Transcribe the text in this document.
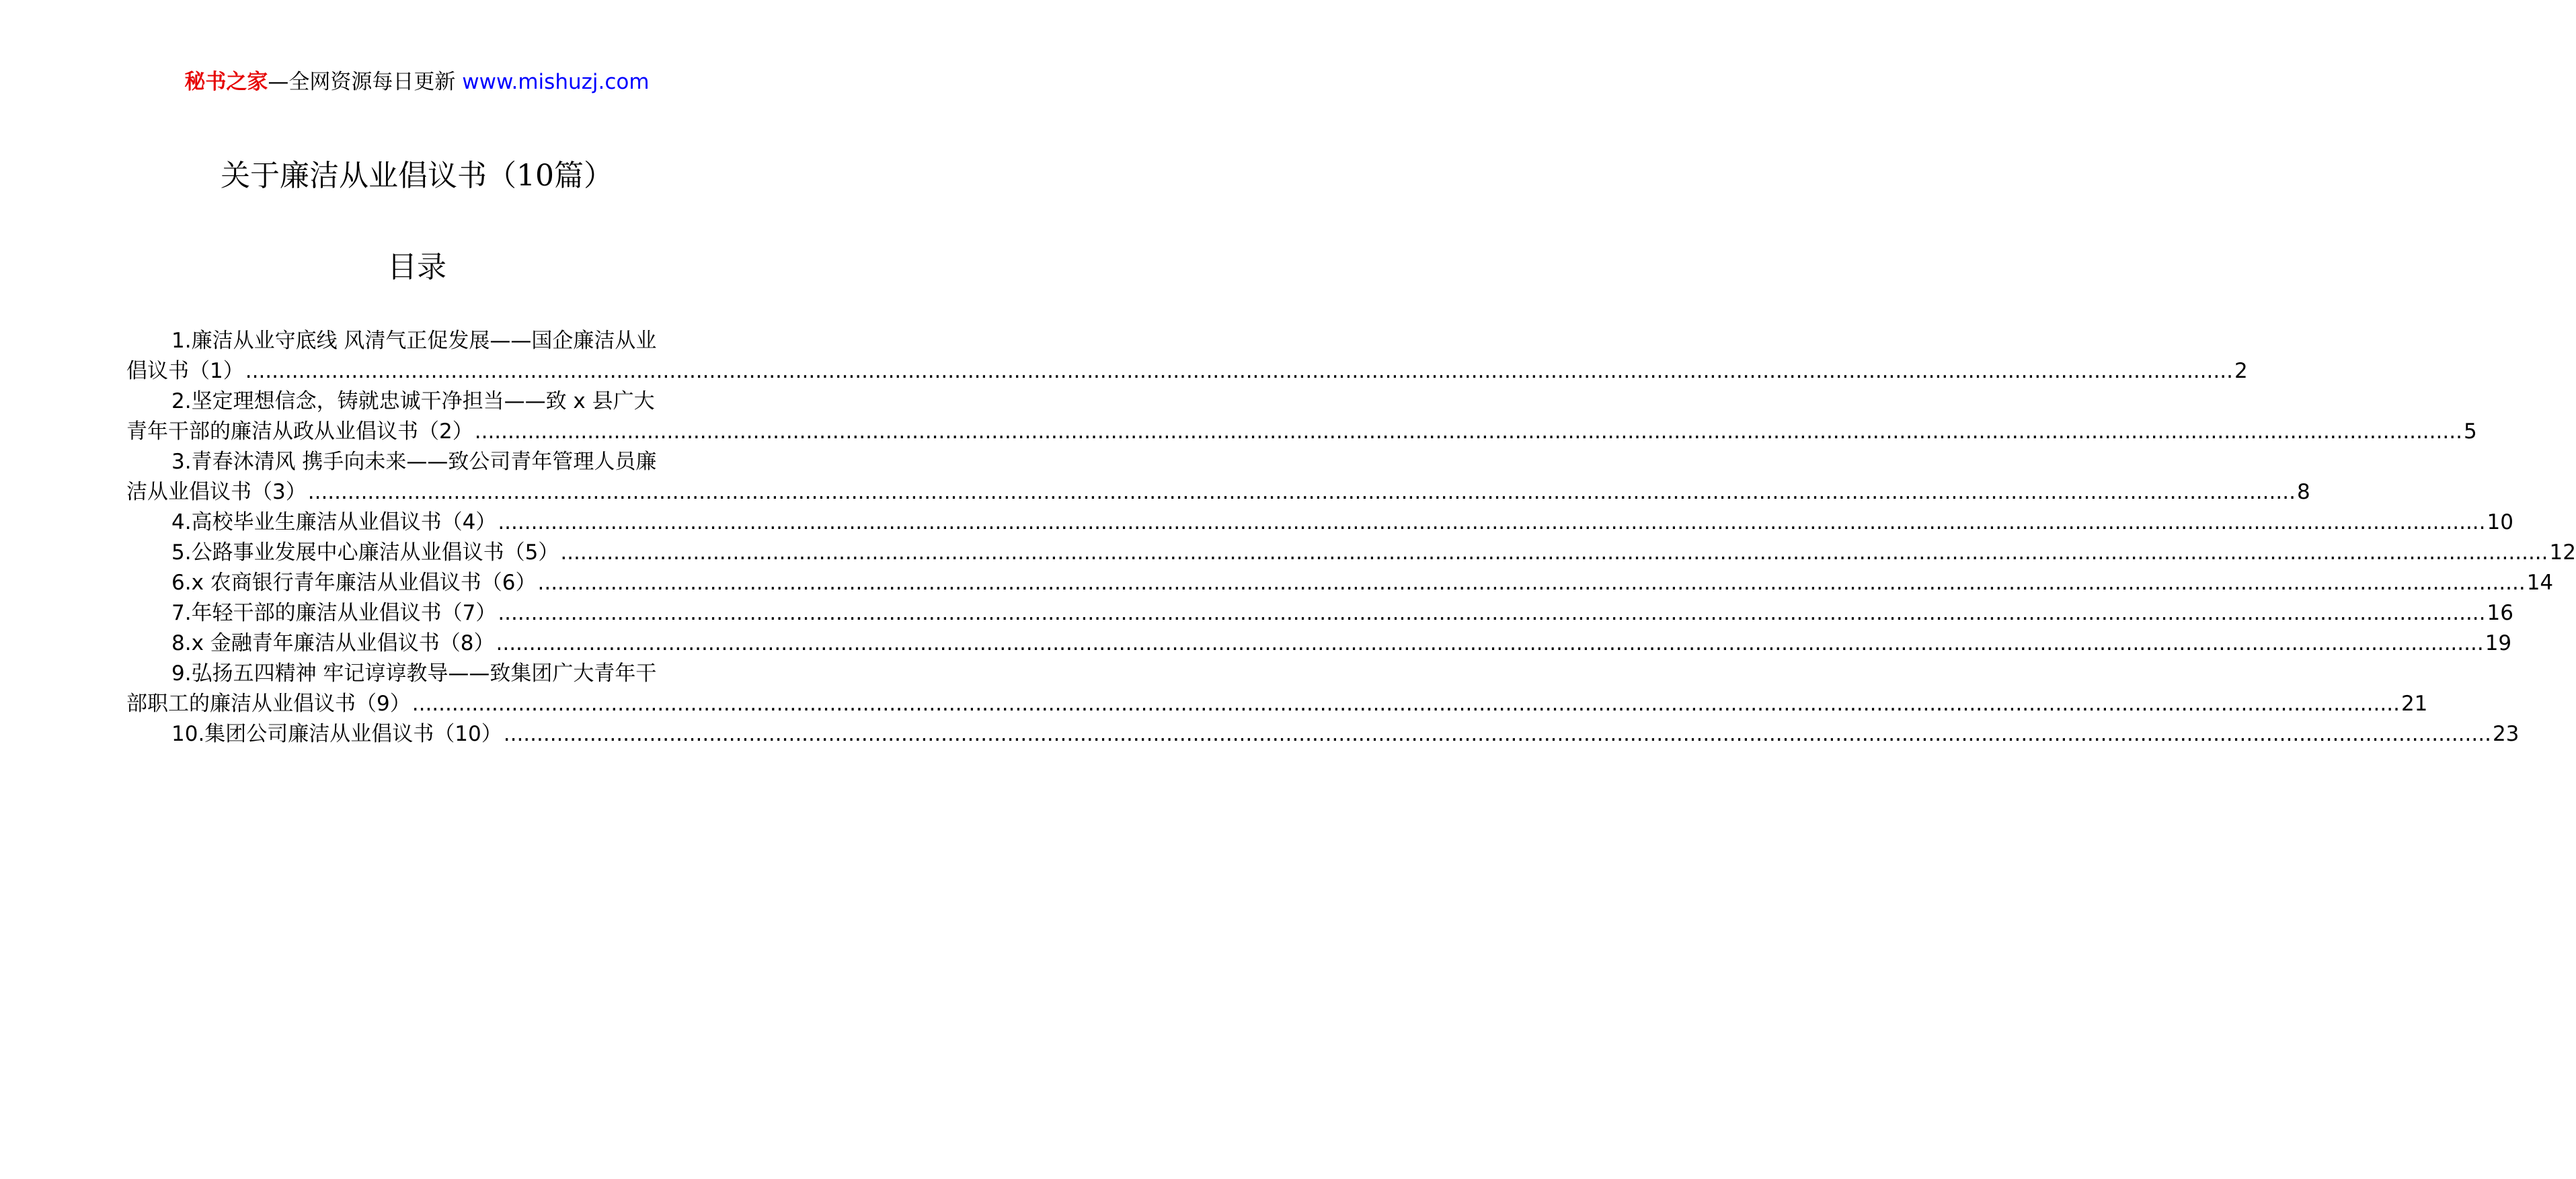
秘书之家—全网资源每日更新 www.mishuzj.com
关于廉洁从业倡议书（10篇）
目录
1.廉洁从业守底线 风清气正促发展——国企廉洁从业
倡议书（1） ............................................................................................................................................................................................................................................................................................................ 2
2.坚定理想信念，铸就忠诚干净担当——致 x 县广大
青年干部的廉洁从政从业倡议书（2） ............................................................................................................................................................................................................................................................................................................ 5
3.青春沐清风 携手向未来——致公司青年管理人员廉
洁从业倡议书（3） ............................................................................................................................................................................................................................................................................................................ 8
4.高校毕业生廉洁从业倡议书（4） ............................................................................................................................................................................................................................................................................................................ 10
5.公路事业发展中心廉洁从业倡议书（5） ............................................................................................................................................................................................................................................................................................................ 12
6.x 农商银行青年廉洁从业倡议书（6） ............................................................................................................................................................................................................................................................................................................ 14
7.年轻干部的廉洁从业倡议书（7） ............................................................................................................................................................................................................................................................................................................ 16
8.x 金融青年廉洁从业倡议书（8） ............................................................................................................................................................................................................................................................................................................ 19
9.弘扬五四精神 牢记谆谆教导——致集团广大青年干
部职工的廉洁从业倡议书（9） ............................................................................................................................................................................................................................................................................................................ 21
10.集团公司廉洁从业倡议书（10） ............................................................................................................................................................................................................................................................................................................ 23
